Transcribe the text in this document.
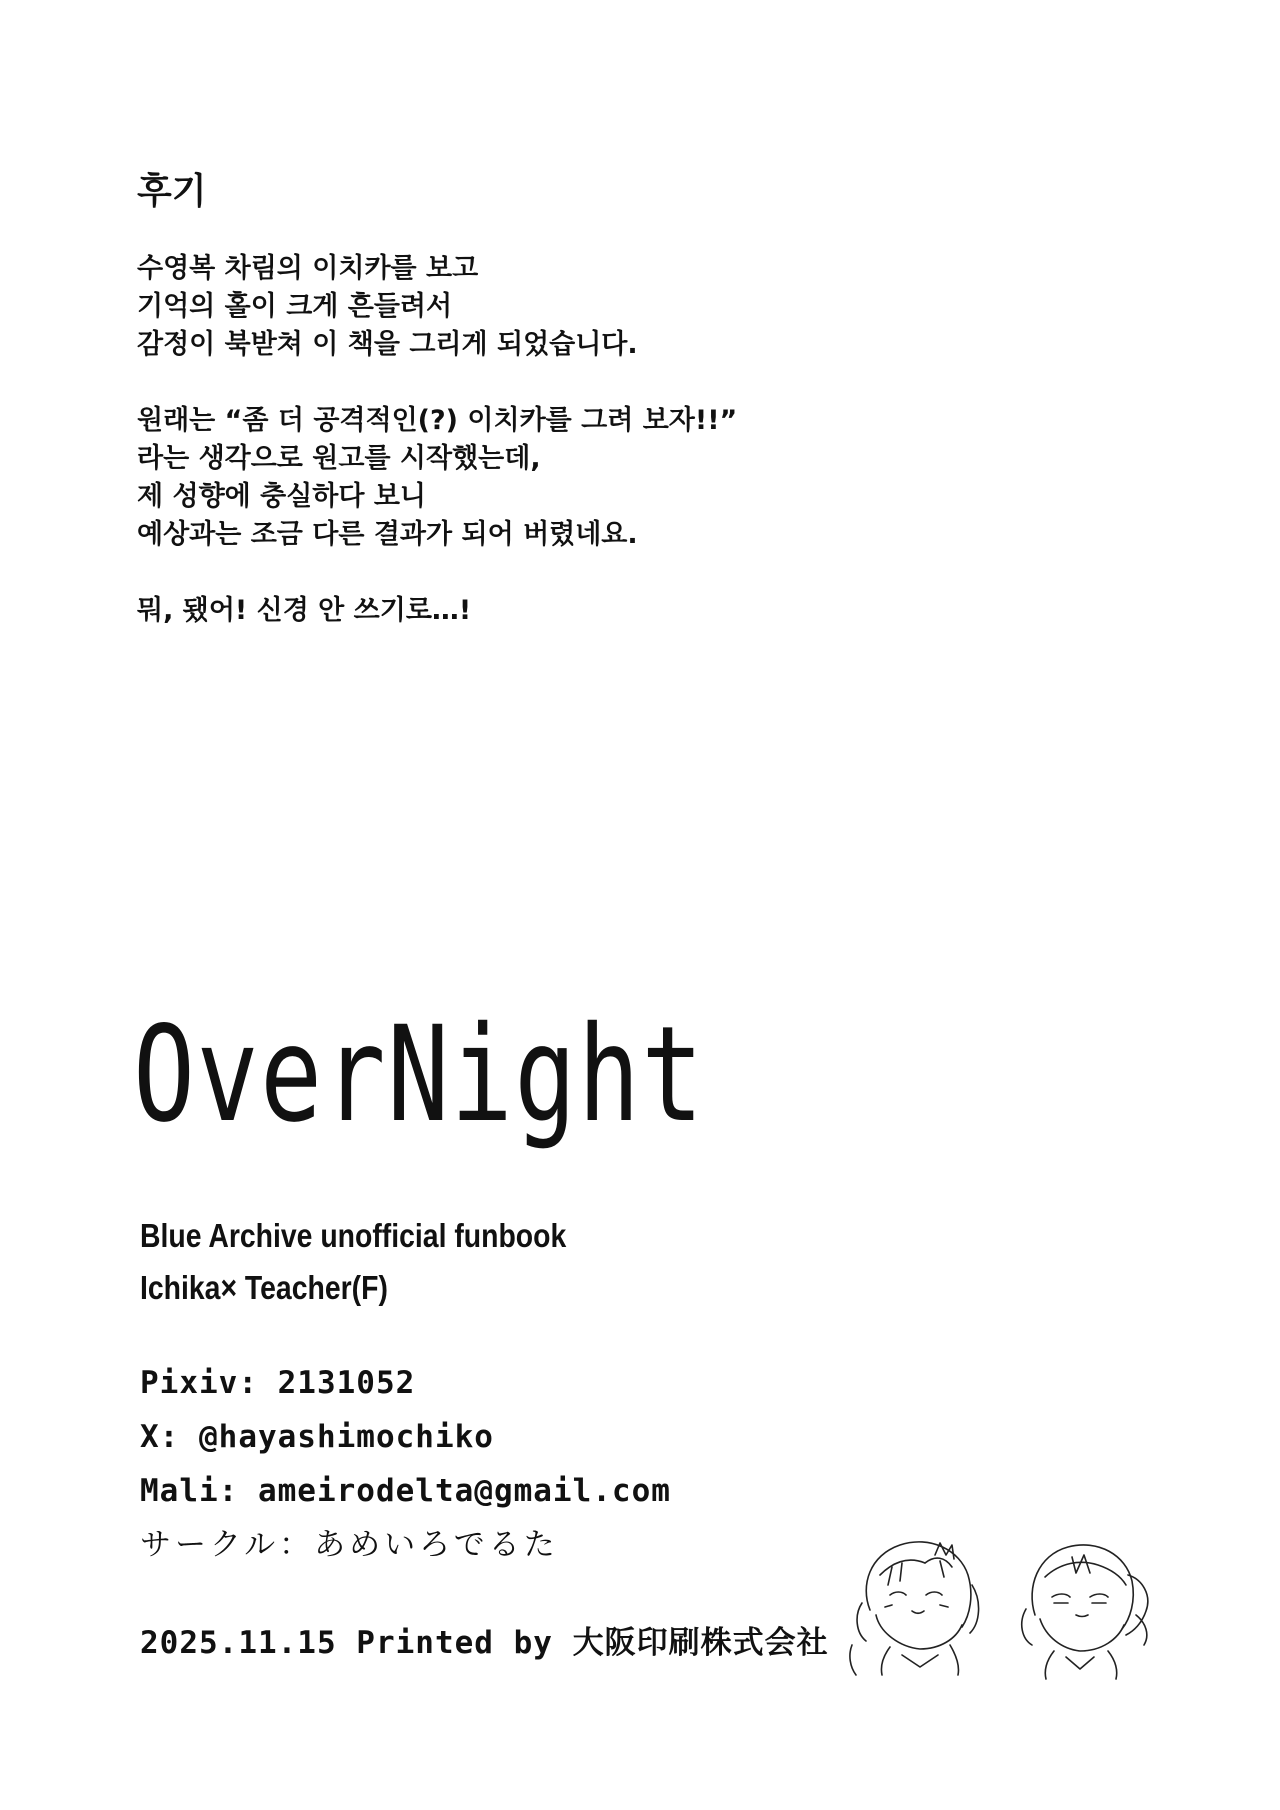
후기
수영복 차림의 이치카를 보고
기억의 홀이 크게 흔들려서
감정이 북받쳐 이 책을 그리게 되었습니다.
원래는 “좀 더 공격적인(?) 이치카를 그려 보자!!”
라는 생각으로 원고를 시작했는데,
제 성향에 충실하다 보니
예상과는 조금 다른 결과가 되어 버렸네요.
뭐, 됐어! 신경 안 쓰기로…!
OverNight
Blue Archive unofficial funbook
Ichika× Teacher(F)
Pixiv: 2131052
X: @hayashimochiko
Mali: ameirodelta@gmail.com
サークル：あめいろでるた
2025.11.15 Printed by 大阪印刷株式会社
